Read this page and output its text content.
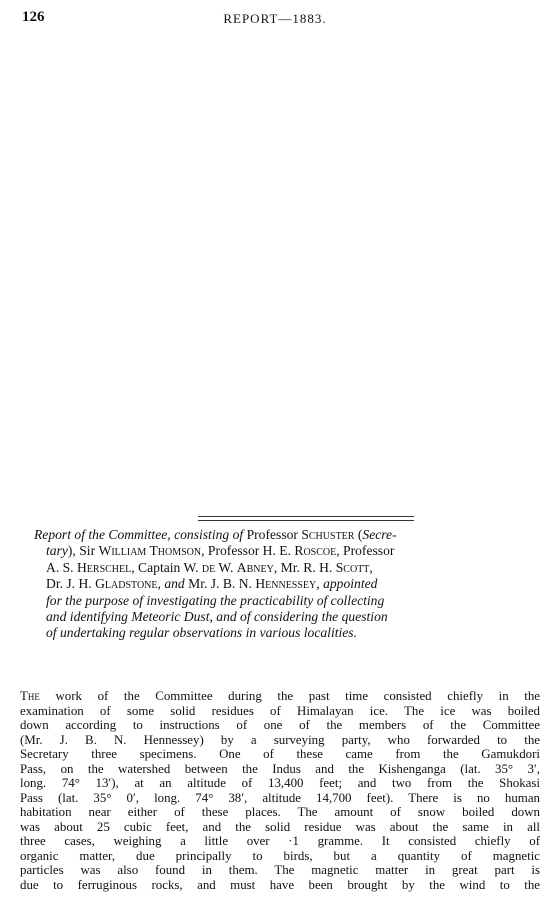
126	REPORT—1883.
Report of the Committee, consisting of Professor Schuster (Secre-
tary), Sir William Thomson, Professor H. E. Roscoe, Professor
A. S. Herschel, Captain W. de W. Abney, Mr. R. H. Scott,
Dr. J. H. Gladstone, and Mr. J. B. N. Hennessey, appointed
for the purpose of investigating the practicability of collecting
and identifying Meteoric Dust, and of considering the question
of undertaking regular observations in various localities.
The work of the Committee during the past time consisted chiefly in the
examination of some solid residues of Himalayan ice. The ice was boiled
down according to instructions of one of the members of the Committee
(Mr. J. B. N. Hennessey) by a surveying party, who forwarded to the
Secretary three specimens. One of these came from the Gamukdori
Pass, on the watershed between the Indus and the Kishenganga (lat. 35° 3′,
long. 74° 13′), at an altitude of 13,400 feet; and two from the Shokasi
Pass (lat. 35° 0′, long. 74° 38′, altitude 14,700 feet). There is no human
habitation near either of these places. The amount of snow boiled down
was about 25 cubic feet, and the solid residue was about the same in all
three cases, weighing a little over ·1 gramme. It consisted chiefly of
organic matter, due principally to birds, but a quantity of magnetic
particles was also found in them. The magnetic matter in great part is
due to ferruginous rocks, and must have been brought by the wind to the
